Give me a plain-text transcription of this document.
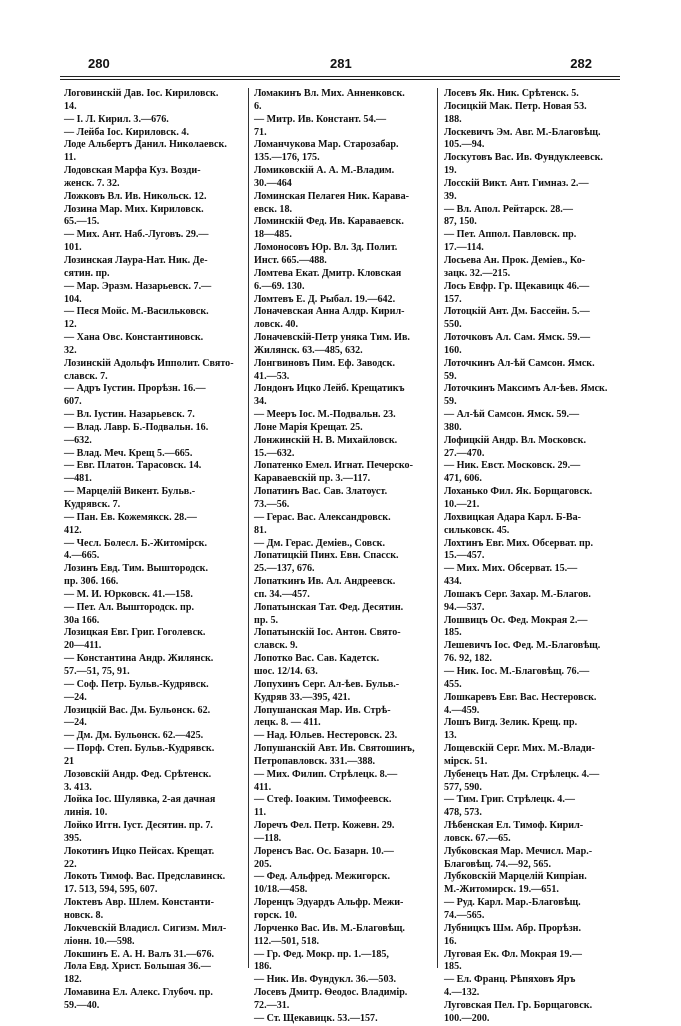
280	281	282
Логовинскій Дав. Іос. Кириловск.
14.
— І. Л. Кирил. 3.—676.
— Лейба Іос. Кириловск. 4.
Лоде Альбертъ Данил. Николаевск.
11.
Лодовская Марфа Куз. Возди-
женск. 7. 32.
Ложковъ Вл. Ив. Никольск. 12.
Лозина Мар. Мих. Кириловск.
65.—15.
— Мих. Ант. Наб.-Луговъ. 29.—
101.
Лозинская Лаура-Нат. Ник. Де-
сятин. пр.
— Мар. Эразм. Назарьевск. 7.—
104.
— Песя Мойс. М.-Васильковск.
12.
— Хана Овс. Константиновск.
32.
Лозинскій Адольфъ Ипполит. Свято-
славск. 7.
— Адръ Іустин. Прорѣзн. 16.—
607.
— Вл. Іустин. Назарьевск. 7.
— Влад. Лавр. Б.-Подвальн. 16.
—632.
— Влад. Меч. Крещ 5.—665.
— Евг. Платон. Тарасовск. 14.
—481.
— Марцелій Викент. Бульв.-
Кудрявск. 7.
— Пан. Ев. Кожемякск. 28.—
412.
— Чесл. Болесл. Б.-Житомірск.
4.—665.
Лозинъ Евд. Тим. Выштородск.
пр. 30б. 166.
— М. И. Юрковск. 41.—158.
— Пет. Ал. Выштородск. пр.
30а 166.
Лозицкая Евг. Григ. Гоголевск.
20—411.
— Константина Андр. Жилянск.
57.—51, 75, 91.
— Соф. Петр. Бульв.-Кудрявск.
—24.
Лозицкій Вас. Дм. Бульонск. 62.
—24.
— Дм. Дм. Бульонск. 62.—425.
— Порф. Степ. Бульв.-Кудрявск.
21
Лозовскій Андр. Фед. Срѣтенск.
3. 413.
Лойка Іос. Шулявка, 2-ая дачная
линія. 10.
Лойко Иггн. Іуст. Десятин. пр. 7.
395.
Локотинъ Ицко Пейсах. Крещат.
22.
Локоть Тимоф. Вас. Предславинск.
17. 513, 594, 595, 607.
Локтевъ Авр. Шлем. Константи-
новск. 8.
Локчевскій Владисл. Сигизм. Мил-
ліонн. 10.—598.
Локшинъ Е. А. Н. Валъ 31.—676.
Лола Евд. Христ. Большая 36.—
182.
Ломавина Ел. Алекс. Глубоч. пр.
59.—40.
Ломакинъ Вл. Мих. Анненковск.
6.
— Митр. Ив. Констант. 54.—
71.
Ломанчукова Мар. Старозабар.
135.—176, 175.
Ломиковскій А. А. М.-Владим.
30.—464
Ломинская Пелагея Ник. Карава-
евск. 18.
Ломинскій Фед. Ив. Караваевск.
18—485.
Ломоносовъ Юр. Вл. Зд. Полит.
Инст. 665.—488.
Ломтева Екат. Дмитр. Кловская
6.—69. 130.
Ломтевъ Е. Д. Рыбал. 19.—642.
Лоначевская Анна Алдр. Кирил-
ловск. 40.
Лоначевскій-Петр уняка Тим. Ив.
Жилянск. 63.—485, 632.
Лонгвиновъ Пим. Еф. Заводск.
41.—53.
Лондонъ Ицко Лейб. Крещатикъ
34.
— Мееръ Іос. М.-Подвальн. 23.
Лоне Марія Крещат. 25.
Лонжинскій Н. В. Михайловск.
15.—632.
Лопатенко Емел. Игнат. Печерско-
Караваевскій пр. 3.—117.
Лопатинъ Вас. Сав. Златоуст.
73.—56.
— Герас. Вас. Александровск.
81.
— Дм. Герас. Деміев., Совск.
Лопатицкій Пинх. Евн. Спасск.
25.—137, 676.
Лопаткинъ Ив. Ал. Андреевск.
сп. 34.—457.
Лопатынская Тат. Фед. Десятин.
пр. 5.
Лопатынскій Іос. Антон. Свято-
славск. 9.
Лопотко Вас. Сав. Кадетск.
шос. 12/14. 63.
Лопухинъ Серг. Ал-ѣев. Бульв.-
Кудряв 33.—395, 421.
Лопушанская Мар. Ив. Стрѣ-
лецк. 8. — 411.
— Над. Юльев. Нестеровск. 23.
Лопушанскій Авт. Ив. Святошинъ,
Петропавловск. 331.—388.
— Мих. Филип. Стрѣлецк. 8.—
411.
— Стеф. Іоаким. Тимофеевск.
11.
Лоречъ Фел. Петр. Кожевн. 29.
—118.
Лоренсъ Вас. Ос. Базарн. 10.—
205.
— Фед. Альфред. Межигорск.
10/18.—458.
Лоренцъ Эдуардъ Альфр. Межи-
горск. 10.
Лорченко Вас. Ив. М.-Благовѣщ.
112.—501, 518.
— Гр. Фед. Мокр. пр. 1.—185,
186.
— Ник. Ив. Фундукл. 36.—503.
Лосевъ Дмитр. Ѳеодос. Владимір.
72.—31.
— Ст. Щекавицк. 53.—157.
Лосевъ Як. Ник. Срѣтенск. 5.
Лосицкій Мак. Петр. Новая 53.
188.
Лоскевичъ Эм. Авг. М.-Благовѣщ.
105.—94.
Лоскутовъ Вас. Ив. Фундуклеевск.
19.
Лосскій Викт. Ант. Гимназ. 2.—
39.
— Вл. Апол. Рейтарск. 28.—
87, 150.
— Пет. Аппол. Павловск. пр.
17.—114.
Лосьева Ан. Прок. Деміев., Ко-
зацк. 32.—215.
Лось Евфр. Гр. Щекавицк 46.—
157.
Лотоцкій Ант. Дм. Бассейн. 5.—
550.
Лоточковъ Ал. Сам. Ямск. 59.—
160.
Лоточкинъ Ал-ѣй Самсон. Ямск.
59.
Лоточкинъ Максимъ Ал-ѣев. Ямск.
59.
— Ал-ѣй Самсон. Ямск. 59.—
380.
Лофицкій Андр. Вл. Московск.
27.—470.
— Ник. Евст. Московск. 29.—
471, 606.
Лоханько Фил. Як. Борщаговск.
10.—21.
Лохвицкая Адара Карл. Б-Ва-
сильковск. 45.
Лохтинъ Евг. Мих. Обсерват. пр.
15.—457.
— Мих. Мих. Обсерват. 15.—
434.
Лошакъ Серг. Захар. М.-Благов.
94.—537.
Лошвицъ Ос. Фед. Мокрая 2.—
185.
Лешевичъ Іос. Фед. М.-Благовѣщ.
76. 92, 182.
— Ник. Іос. М.-Благовѣщ. 76.—
455.
Лошкаревъ Евг. Вас. Нестеровск.
4.—459.
Лошъ Вигд. Зелик. Крещ. пр.
13.
Лощевскій Серг. Мих. М.-Влади-
мірск. 51.
Лубенецъ Нат. Дм. Стрѣлецк. 4.—
577, 590.
— Тим. Григ. Стрѣлецк. 4.—
478, 573.
Лѣбенская Ел. Тимоф. Кирил-
ловск. 67.—65.
Лубковская Мар. Мечисл. Мар.-
Благовѣщ. 74.—92, 565.
Лубковскій Марцелій Кипріан.
М.-Житомирск. 19.—651.
— Руд. Карл. Мар.-Благовѣщ.
74.—565.
Лубницкъ Шм. Абр. Прорѣзн.
16.
Луговая Ек. Фл. Мокрая 19.—
185.
— Ел. Франц. Рѣпяховъ Яръ
4.—132.
Луговская Пел. Гр. Борщаговск.
100.—200.
